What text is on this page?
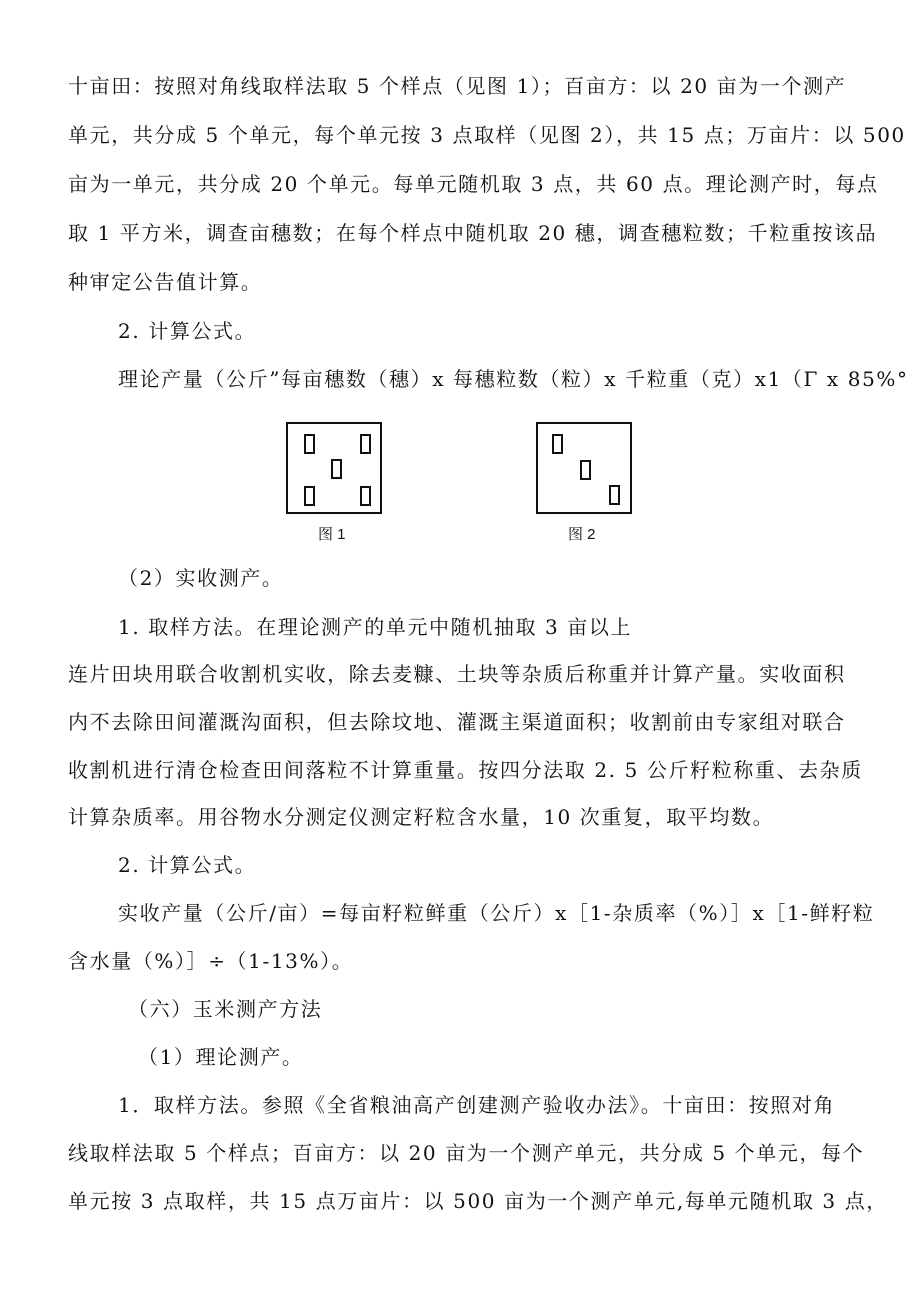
十亩田：按照对角线取样法取 5 个样点（见图 1）；百亩方：以 20 亩为一个测产
单元，共分成 5 个单元，每个单元按 3 点取样（见图 2），共 15 点；万亩片：以 500
亩为一单元，共分成 20 个单元。每单元随机取 3 点，共 60 点。理论测产时，每点
取 1 平方米，调查亩穗数；在每个样点中随机取 20 穗，调查穗粒数；千粒重按该品
种审定公告值计算。
2. 计算公式。
理论产量（公斤”每亩穗数（穗）x 每穗粒数（粒）x 千粒重（克）x1（Γ x 85%°
图 1	图 2
（2）实收测产。
1. 取样方法。在理论测产的单元中随机抽取 3 亩以上
连片田块用联合收割机实收，除去麦糠、土块等杂质后称重并计算产量。实收面积
内不去除田间灌溉沟面积，但去除坟地、灌溉主渠道面积；收割前由专家组对联合
收割机进行清仓检查田间落粒不计算重量。按四分法取 2. 5 公斤籽粒称重、去杂质
计算杂质率。用谷物水分测定仪测定籽粒含水量，10 次重复，取平均数。
2. 计算公式。
实收产量（公斤/亩）=每亩籽粒鲜重（公斤）x［1-杂质率（%）］x［1-鲜籽粒
含水量（%）］÷（1-13%）。
（六）玉米测产方法
（1）理论测产。
1．取样方法。参照《全省粮油高产创建测产验收办法》。十亩田：按照对角
线取样法取 5 个样点；百亩方：以 20 亩为一个测产单元，共分成 5 个单元，每个
单元按 3 点取样，共 15 点万亩片：以 500 亩为一个测产单元,每单元随机取 3 点，
